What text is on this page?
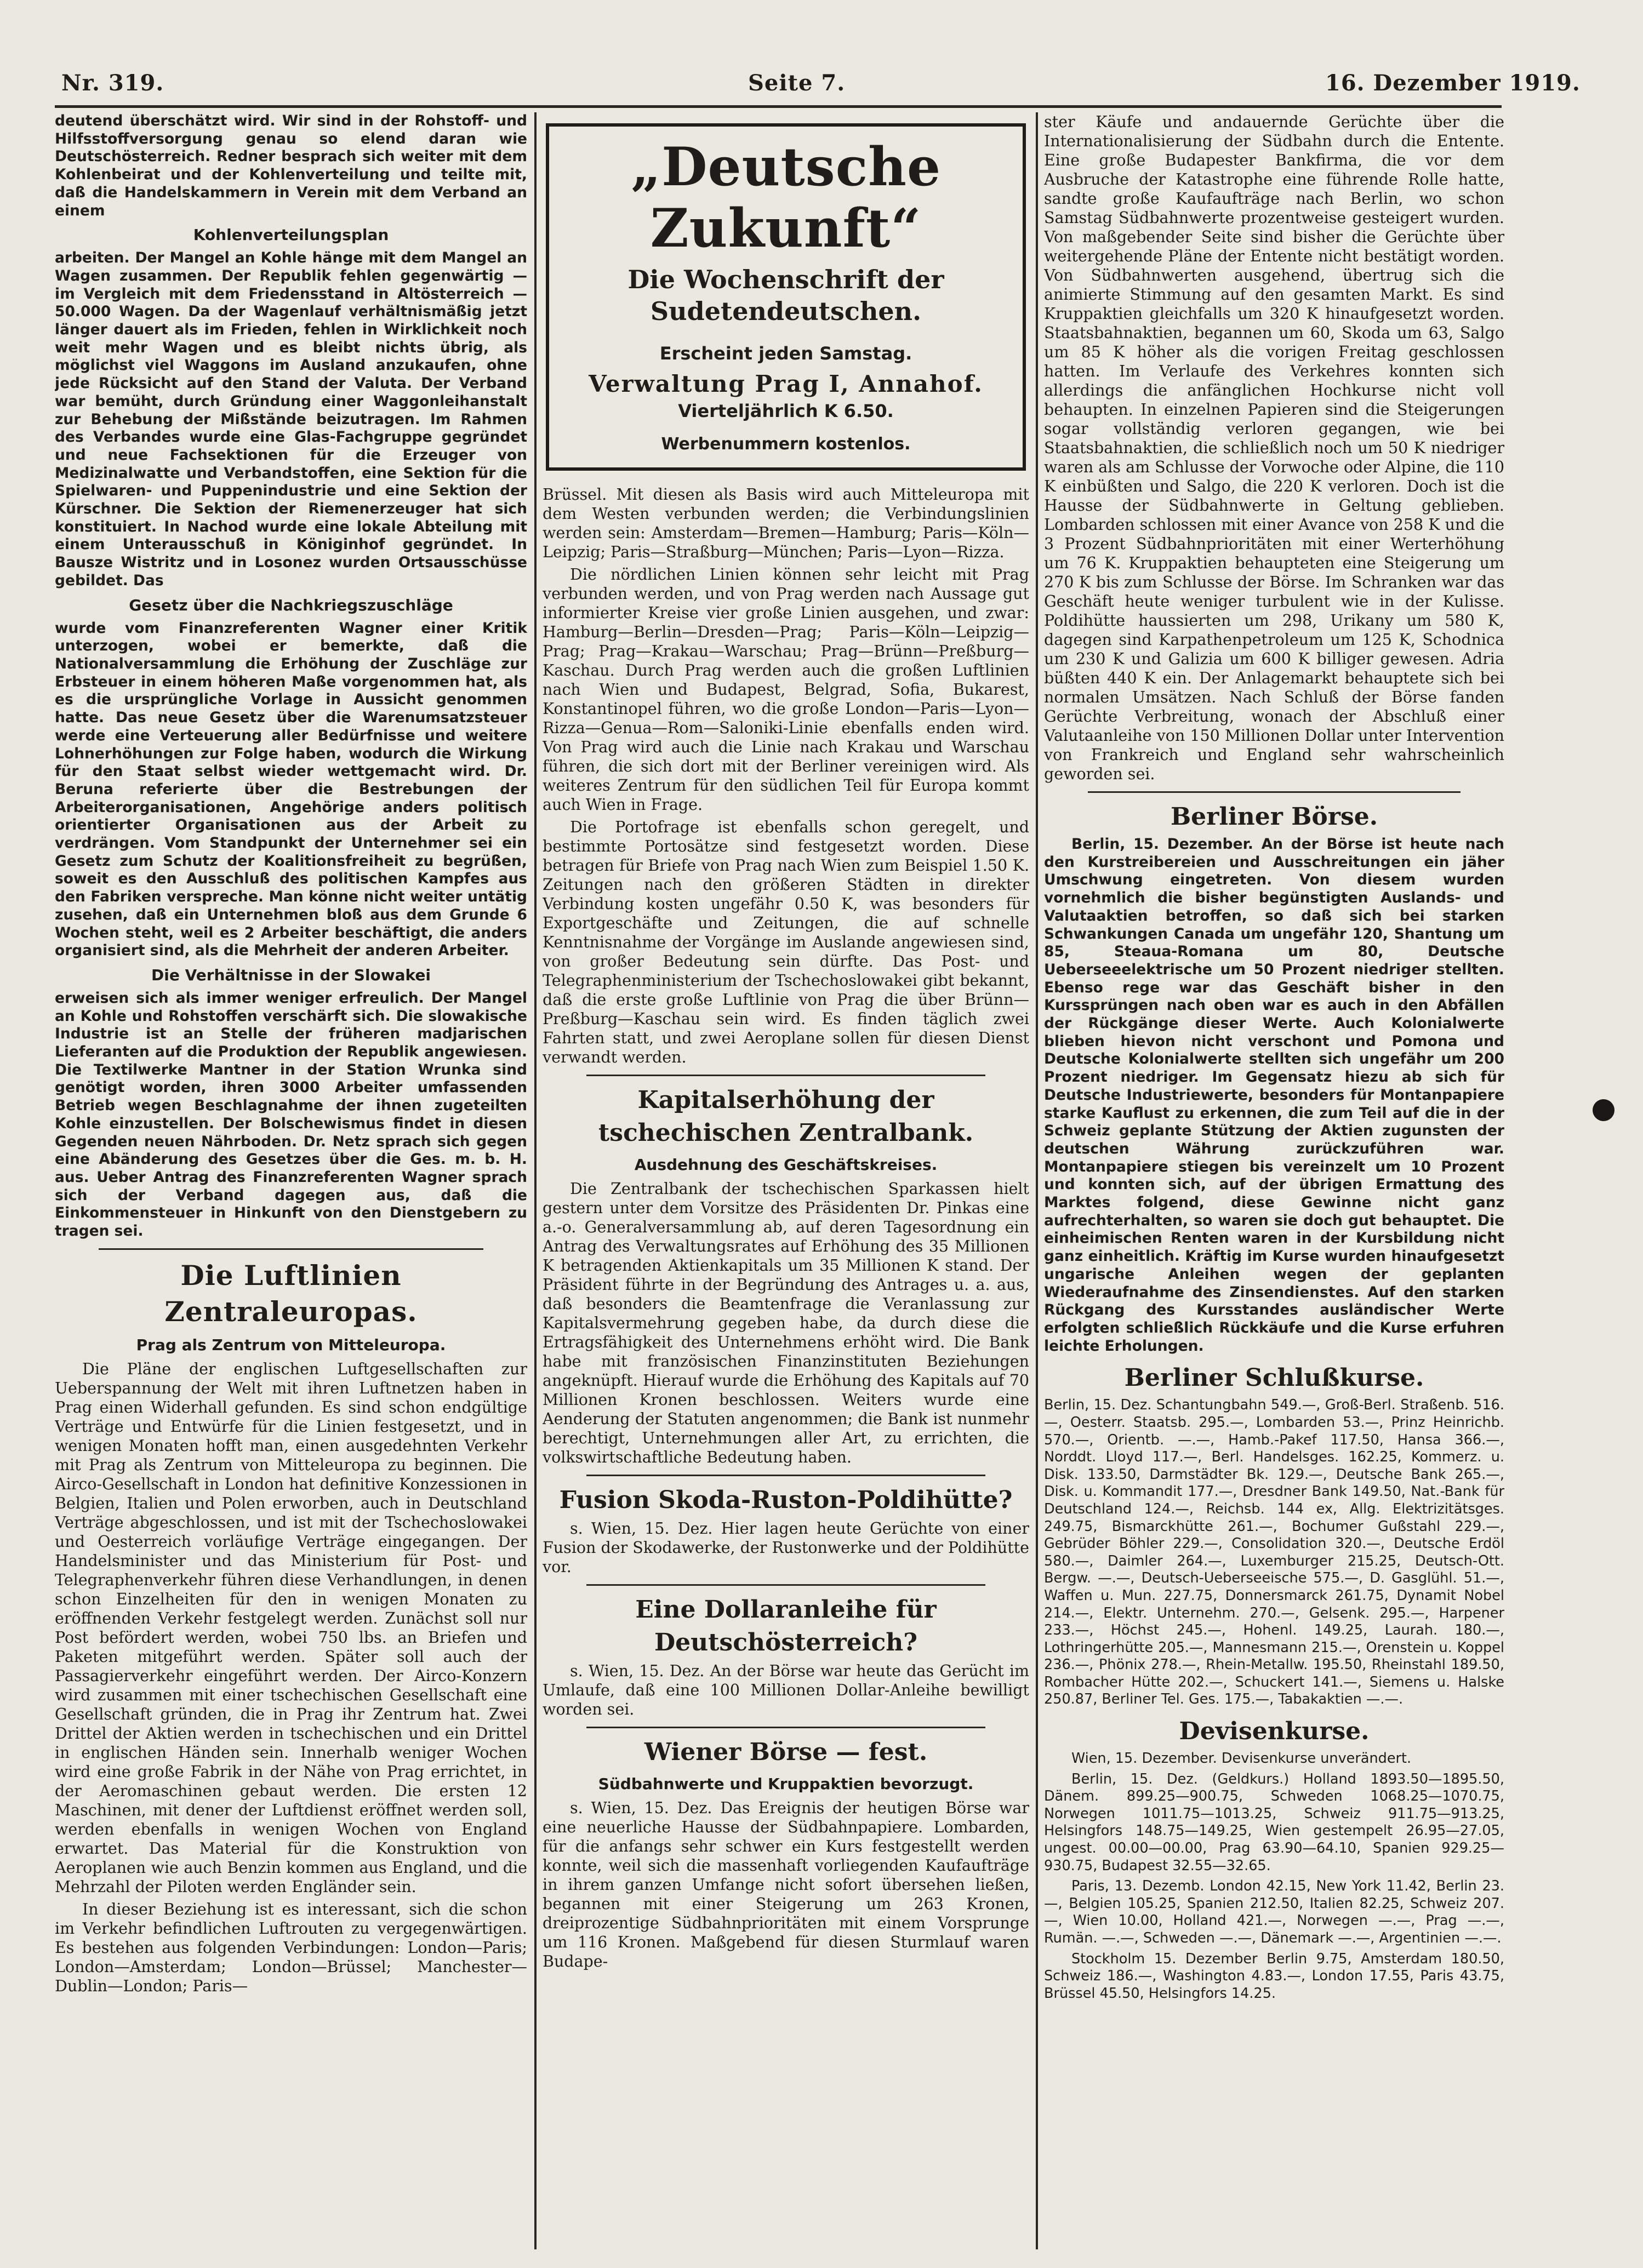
Nr. 319.	Seite 7.	16. Dezember 1919.

deutend überschätzt wird. Wir sind in der Rohstoff- und Hilfsstoffversorgung genau so elend daran wie Deutschösterreich. Redner besprach sich weiter mit dem Kohlenbeirat und der Kohlenverteilung und teilte mit, daß die Handelskammern in Verein mit dem Verband an einem

Kohlenverteilungsplan

arbeiten. Der Mangel an Kohle hänge mit dem Mangel an Wagen zusammen. Der Republik fehlen gegenwärtig — im Vergleich mit dem Friedensstand in Altösterreich — 50.000 Wagen. Da der Wagenlauf verhältnismäßig jetzt länger dauert als im Frieden, fehlen in Wirklichkeit noch weit mehr Wagen und es bleibt nichts übrig, als möglichst viel Waggons im Ausland anzukaufen, ohne jede Rücksicht auf den Stand der Valuta. Der Verband war bemüht, durch Gründung einer Waggonleihanstalt zur Behebung der Mißstände beizutragen. Im Rahmen des Verbandes wurde eine Glas-Fachgruppe gegründet und neue Fachsektionen für die Erzeuger von Medizinalwatte und Verbandstoffen, eine Sektion für die Spielwaren- und Puppenindustrie und eine Sektion der Kürschner. Die Sektion der Riemenerzeuger hat sich konstituiert. In Nachod wurde eine lokale Abteilung mit einem Unterausschuß in Königinhof gegründet. In Bausze Wistritz und in Losonez wurden Ortsausschüsse gebildet. Das

Gesetz über die Nachkriegszuschläge

wurde vom Finanzreferenten Wagner einer Kritik unterzogen, wobei er bemerkte, daß die Nationalversammlung die Erhöhung der Zuschläge zur Erbsteuer in einem höheren Maße vorgenommen hat, als es die ursprüngliche Vorlage in Aussicht genommen hatte. Das neue Gesetz über die Warenumsatzsteuer werde eine Verteuerung aller Bedürfnisse und weitere Lohnerhöhungen zur Folge haben, wodurch die Wirkung für den Staat selbst wieder wettgemacht wird. Dr. Beruna referierte über die Bestrebungen der Arbeiterorganisationen, Angehörige anders politisch orientierter Organisationen aus der Arbeit zu verdrängen. Vom Standpunkt der Unternehmer sei ein Gesetz zum Schutz der Koalitionsfreiheit zu begrüßen, soweit es den Ausschluß des politischen Kampfes aus den Fabriken verspreche. Man könne nicht weiter untätig zusehen, daß ein Unternehmen bloß aus dem Grunde 6 Wochen steht, weil es 2 Arbeiter beschäftigt, die anders organisiert sind, als die Mehrheit der anderen Arbeiter.

Die Verhältnisse in der Slowakei

erweisen sich als immer weniger erfreulich. Der Mangel an Kohle und Rohstoffen verschärft sich. Die slowakische Industrie ist an Stelle der früheren madjarischen Lieferanten auf die Produktion der Republik angewiesen. Die Textilwerke Mantner in der Station Wrunka sind genötigt worden, ihren 3000 Arbeiter umfassenden Betrieb wegen Beschlagnahme der ihnen zugeteilten Kohle einzustellen. Der Bolschewismus findet in diesen Gegenden neuen Nährboden. Dr. Netz sprach sich gegen eine Abänderung des Gesetzes über die Ges. m. b. H. aus. Ueber Antrag des Finanzreferenten Wagner sprach sich der Verband dagegen aus, daß die Einkommensteuer in Hinkunft von den Dienstgebern zu tragen sei.

Die Luftlinien Zentraleuropas.
Prag als Zentrum von Mitteleuropa.

Die Pläne der englischen Luftgesellschaften zur Ueberspannung der Welt mit ihren Luftnetzen haben in Prag einen Widerhall gefunden. Es sind schon endgültige Verträge und Entwürfe für die Linien festgesetzt, und in wenigen Monaten hofft man, einen ausgedehnten Verkehr mit Prag als Zentrum von Mitteleuropa zu beginnen. Die Airco-Gesellschaft in London hat definitive Konzessionen in Belgien, Italien und Polen erworben, auch in Deutschland Verträge abgeschlossen, und ist mit der Tschechoslowakei und Oesterreich vorläufige Verträge eingegangen. Der Handelsminister und das Ministerium für Post- und Telegraphenverkehr führen diese Verhandlungen, in denen schon Einzelheiten für den in wenigen Monaten zu eröffnenden Verkehr festgelegt werden. Zunächst soll nur Post befördert werden, wobei 750 lbs. an Briefen und Paketen mitgeführt werden. Später soll auch der Passagierverkehr eingeführt werden. Der Airco-Konzern wird zusammen mit einer tschechischen Gesellschaft eine Gesellschaft gründen, die in Prag ihr Zentrum hat. Zwei Drittel der Aktien werden in tschechischen und ein Drittel in englischen Händen sein. Innerhalb weniger Wochen wird eine große Fabrik in der Nähe von Prag errichtet, in der Aeromaschinen gebaut werden. Die ersten 12 Maschinen, mit dener der Luftdienst eröffnet werden soll, werden ebenfalls in wenigen Wochen von England erwartet. Das Material für die Konstruktion von Aeroplanen wie auch Benzin kommen aus England, und die Mehrzahl der Piloten werden Engländer sein.

In dieser Beziehung ist es interessant, sich die schon im Verkehr befindlichen Luftrouten zu vergegenwärtigen. Es bestehen aus folgenden Verbindungen: London—Paris; London—Amsterdam; London—Brüssel; Manchester—Dublin—London; Paris—

„Deutsche Zukunft“
Die Wochenschrift der Sudetendeutschen.
Erscheint jeden Samstag.
Verwaltung Prag I, Annahof.
Vierteljährlich K 6.50.
Werbenummern kostenlos.

Brüssel. Mit diesen als Basis wird auch Mitteleuropa mit dem Westen verbunden werden; die Verbindungslinien werden sein: Amsterdam—Bremen—Hamburg; Paris—Köln—Leipzig; Paris—Straßburg—München; Paris—Lyon—Rizza.

Die nördlichen Linien können sehr leicht mit Prag verbunden werden, und von Prag werden nach Aussage gut informierter Kreise vier große Linien ausgehen, und zwar: Hamburg—Berlin—Dresden—Prag; Paris—Köln—Leipzig—Prag; Prag—Krakau—Warschau; Prag—Brünn—Preßburg—Kaschau. Durch Prag werden auch die großen Luftlinien nach Wien und Budapest, Belgrad, Sofia, Bukarest, Konstantinopel führen, wo die große London—Paris—Lyon—Rizza—Genua—Rom—Saloniki-Linie ebenfalls enden wird. Von Prag wird auch die Linie nach Krakau und Warschau führen, die sich dort mit der Berliner vereinigen wird. Als weiteres Zentrum für den südlichen Teil für Europa kommt auch Wien in Frage.

Die Portofrage ist ebenfalls schon geregelt, und bestimmte Portosätze sind festgesetzt worden. Diese betragen für Briefe von Prag nach Wien zum Beispiel 1.50 K. Zeitungen nach den größeren Städten in direkter Verbindung kosten ungefähr 0.50 K, was besonders für Exportgeschäfte und Zeitungen, die auf schnelle Kenntnisnahme der Vorgänge im Auslande angewiesen sind, von großer Bedeutung sein dürfte. Das Post- und Telegraphenministerium der Tschechoslowakei gibt bekannt, daß die erste große Luftlinie von Prag die über Brünn—Preßburg—Kaschau sein wird. Es finden täglich zwei Fahrten statt, und zwei Aeroplane sollen für diesen Dienst verwandt werden.

Kapitalserhöhung der tschechischen Zentralbank.
Ausdehnung des Geschäftskreises.

Die Zentralbank der tschechischen Sparkassen hielt gestern unter dem Vorsitze des Präsidenten Dr. Pinkas eine a.-o. Generalversammlung ab, auf deren Tagesordnung ein Antrag des Verwaltungsrates auf Erhöhung des 35 Millionen K betragenden Aktienkapitals um 35 Millionen K stand. Der Präsident führte in der Begründung des Antrages u. a. aus, daß besonders die Beamtenfrage die Veranlassung zur Kapitalsvermehrung gegeben habe, da durch diese die Ertragsfähigkeit des Unternehmens erhöht wird. Die Bank habe mit französischen Finanzinstituten Beziehungen angeknüpft. Hierauf wurde die Erhöhung des Kapitals auf 70 Millionen Kronen beschlossen. Weiters wurde eine Aenderung der Statuten angenommen; die Bank ist nunmehr berechtigt, Unternehmungen aller Art, zu errichten, die volkswirtschaftliche Bedeutung haben.

Fusion Skoda-Ruston-Poldihütte?

s. Wien, 15. Dez. Hier lagen heute Gerüchte von einer Fusion der Skodawerke, der Rustonwerke und der Poldihütte vor.

Eine Dollaranleihe für Deutschösterreich?

s. Wien, 15. Dez. An der Börse war heute das Gerücht im Umlaufe, daß eine 100 Millionen Dollar-Anleihe bewilligt worden sei.

Wiener Börse — fest.
Südbahnwerte und Kruppaktien bevorzugt.

s. Wien, 15. Dez. Das Ereignis der heutigen Börse war eine neuerliche Hausse der Südbahnpapiere. Lombarden, für die anfangs sehr schwer ein Kurs festgestellt werden konnte, weil sich die massenhaft vorliegenden Kaufaufträge in ihrem ganzen Umfange nicht sofort übersehen ließen, begannen mit einer Steigerung um 263 Kronen, dreiprozentige Südbahnprioritäten mit einem Vorsprunge um 116 Kronen. Maßgebend für diesen Sturmlauf waren Budape-

ster Käufe und andauernde Gerüchte über die Internationalisierung der Südbahn durch die Entente. Eine große Budapester Bankfirma, die vor dem Ausbruche der Katastrophe eine führende Rolle hatte, sandte große Kaufaufträge nach Berlin, wo schon Samstag Südbahnwerte prozentweise gesteigert wurden. Von maßgebender Seite sind bisher die Gerüchte über weitergehende Pläne der Entente nicht bestätigt worden. Von Südbahnwerten ausgehend, übertrug sich die animierte Stimmung auf den gesamten Markt. Es sind Kruppaktien gleichfalls um 320 K hinaufgesetzt worden. Staatsbahnaktien, begannen um 60, Skoda um 63, Salgo um 85 K höher als die vorigen Freitag geschlossen hatten. Im Verlaufe des Verkehres konnten sich allerdings die anfänglichen Hochkurse nicht voll behaupten. In einzelnen Papieren sind die Steigerungen sogar vollständig verloren gegangen, wie bei Staatsbahnaktien, die schließlich noch um 50 K niedriger waren als am Schlusse der Vorwoche oder Alpine, die 110 K einbüßten und Salgo, die 220 K verloren. Doch ist die Hausse der Südbahnwerte in Geltung geblieben. Lombarden schlossen mit einer Avance von 258 K und die 3 Prozent Südbahnprioritäten mit einer Werterhöhung um 76 K. Kruppaktien behaupteten eine Steigerung um 270 K bis zum Schlusse der Börse. Im Schranken war das Geschäft heute weniger turbulent wie in der Kulisse. Poldihütte haussierten um 298, Urikany um 580 K, dagegen sind Karpathenpetroleum um 125 K, Schodnica um 230 K und Galizia um 600 K billiger gewesen. Adria büßten 440 K ein. Der Anlagemarkt behauptete sich bei normalen Umsätzen. Nach Schluß der Börse fanden Gerüchte Verbreitung, wonach der Abschluß einer Valutaanleihe von 150 Millionen Dollar unter Intervention von Frankreich und England sehr wahrscheinlich geworden sei.

Berliner Börse.

Berlin, 15. Dezember. An der Börse ist heute nach den Kurstreibereien und Ausschreitungen ein jäher Umschwung eingetreten. Von diesem wurden vornehmlich die bisher begünstigten Auslands- und Valutaaktien betroffen, so daß sich bei starken Schwankungen Canada um ungefähr 120, Shantung um 85, Steaua-Romana um 80, Deutsche Ueberseeelektrische um 50 Prozent niedriger stellten. Ebenso rege war das Geschäft bisher in den Kurssprüngen nach oben war es auch in den Abfällen der Rückgänge dieser Werte. Auch Kolonialwerte blieben hievon nicht verschont und Pomona und Deutsche Kolonialwerte stellten sich ungefähr um 200 Prozent niedriger. Im Gegensatz hiezu ab sich für Deutsche Industriewerte, besonders für Montanpapiere starke Kauflust zu erkennen, die zum Teil auf die in der Schweiz geplante Stützung der Aktien zugunsten der deutschen Währung zurückzuführen war. Montanpapiere stiegen bis vereinzelt um 10 Prozent und konnten sich, auf der übrigen Ermattung des Marktes folgend, diese Gewinne nicht ganz aufrechterhalten, so waren sie doch gut behauptet. Die einheimischen Renten waren in der Kursbildung nicht ganz einheitlich. Kräftig im Kurse wurden hinaufgesetzt ungarische Anleihen wegen der geplanten Wiederaufnahme des Zinsendienstes. Auf den starken Rückgang des Kursstandes ausländischer Werte erfolgten schließlich Rückkäufe und die Kurse erfuhren leichte Erholungen.

Berliner Schlußkurse.

Berlin, 15. Dez. Schantungbahn 549.—, Groß-Berl. Straßenb. 516.—, Oesterr. Staatsb. 295.—, Lombarden 53.—, Prinz Heinrichb. 570.—, Orientb. —.—, Hamb.-Pakef 117.50, Hansa 366.—, Norddt. Lloyd 117.—, Berl. Handelsges. 162.25, Kommerz. u. Disk. 133.50, Darmstädter Bk. 129.—, Deutsche Bank 265.—, Disk. u. Kommandit 177.—, Dresdner Bank 149.50, Nat.-Bank für Deutschland 124.—, Reichsb. 144 ex, Allg. Elektrizitätsges. 249.75, Bismarckhütte 261.—, Bochumer Gußstahl 229.—, Gebrüder Böhler 229.—, Consolidation 320.—, Deutsche Erdöl 580.—, Daimler 264.—, Luxemburger 215.25, Deutsch-Ott. Bergw. —.—, Deutsch-Ueberseeische 575.—, D. Gasglühl. 51.—, Waffen u. Mun. 227.75, Donnersmarck 261.75, Dynamit Nobel 214.—, Elektr. Unternehm. 270.—, Gelsenk. 295.—, Harpener 233.—, Höchst 245.—, Hohenl. 149.25, Laurah. 180.—, Lothringerhütte 205.—, Mannesmann 215.—, Orenstein u. Koppel 236.—, Phönix 278.—, Rhein-Metallw. 195.50, Rheinstahl 189.50, Rombacher Hütte 202.—, Schuckert 141.—, Siemens u. Halske 250.87, Berliner Tel. Ges. 175.—, Tabakaktien —.—.

Devisenkurse.

Wien, 15. Dezember. Devisenkurse unverändert.

Berlin, 15. Dez. (Geldkurs.) Holland 1893.50—1895.50, Dänem. 899.25—900.75, Schweden 1068.25—1070.75, Norwegen 1011.75—1013.25, Schweiz 911.75—913.25, Helsingfors 148.75—149.25, Wien gestempelt 26.95—27.05, ungest. 00.00—00.00, Prag 63.90—64.10, Spanien 929.25—930.75, Budapest 32.55—32.65.

Paris, 13. Dezemb. London 42.15, New York 11.42, Berlin 23.—, Belgien 105.25, Spanien 212.50, Italien 82.25, Schweiz 207.—, Wien 10.00, Holland 421.—, Norwegen —.—, Prag —.—, Rumän. —.—, Schweden —.—, Dänemark —.—, Argentinien —.—.

Stockholm 15. Dezember Berlin 9.75, Amsterdam 180.50, Schweiz 186.—, Washington 4.83.—, London 17.55, Paris 43.75, Brüssel 45.50, Helsingfors 14.25.
